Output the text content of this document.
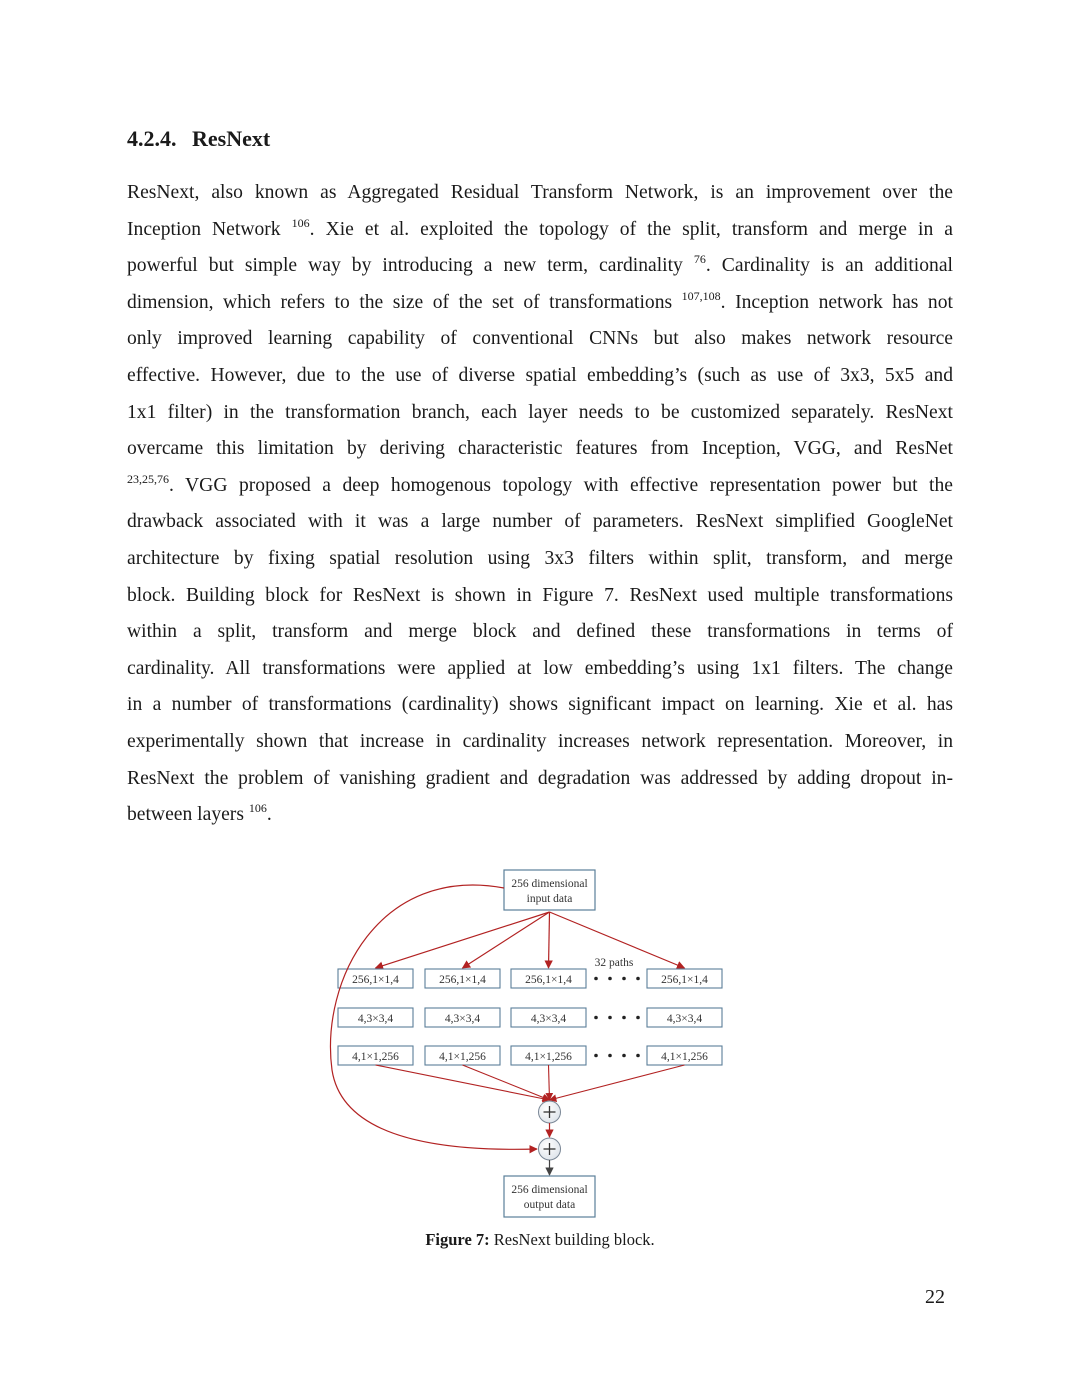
4.2.4. ResNext
ResNext, also known as Aggregated Residual Transform Network, is an improvement over the
Inception Network $^{106}$. Xie et al. exploited the topology of the split, transform and merge in a
powerful but simple way by introducing a new term, cardinality $^{76}$. Cardinality is an additional
dimension, which refers to the size of the set of transformations $^{107,108}$. Inception network has not
only improved learning capability of conventional CNNs but also makes network resource
effective. However, due to the use of diverse spatial embedding’s (such as use of 3x3, 5x5 and
1x1 filter) in the transformation branch, each layer needs to be customized separately. ResNext
overcame this limitation by deriving characteristic features from Inception, VGG, and ResNet
$^{23,25,76}$. VGG proposed a deep homogenous topology with effective representation power but the
drawback associated with it was a large number of parameters. ResNext simplified GoogleNet
architecture by fixing spatial resolution using 3x3 filters within split, transform, and merge
block. Building block for ResNext is shown in Figure 7. ResNext used multiple transformations
within a split, transform and merge block and defined these transformations in terms of
cardinality. All transformations were applied at low embedding’s using 1x1 filters. The change
in a number of transformations (cardinality) shows significant impact on learning. Xie et al. has
experimentally shown that increase in cardinality increases network representation. Moreover, in
ResNext the problem of vanishing gradient and degradation was addressed by adding dropout in-
between layers $^{106}$.
256 dimensional
input data
256,1×1,4	256,1×1,4	256,1×1,4	256,1×1,4
4,3×3,4	4,3×3,4	4,3×3,4	4,3×3,4
4,1×1,256	4,1×1,256	4,1×1,256	4,1×1,256
32 paths
256 dimensional
output data
Figure 7: ResNext building block.
22
